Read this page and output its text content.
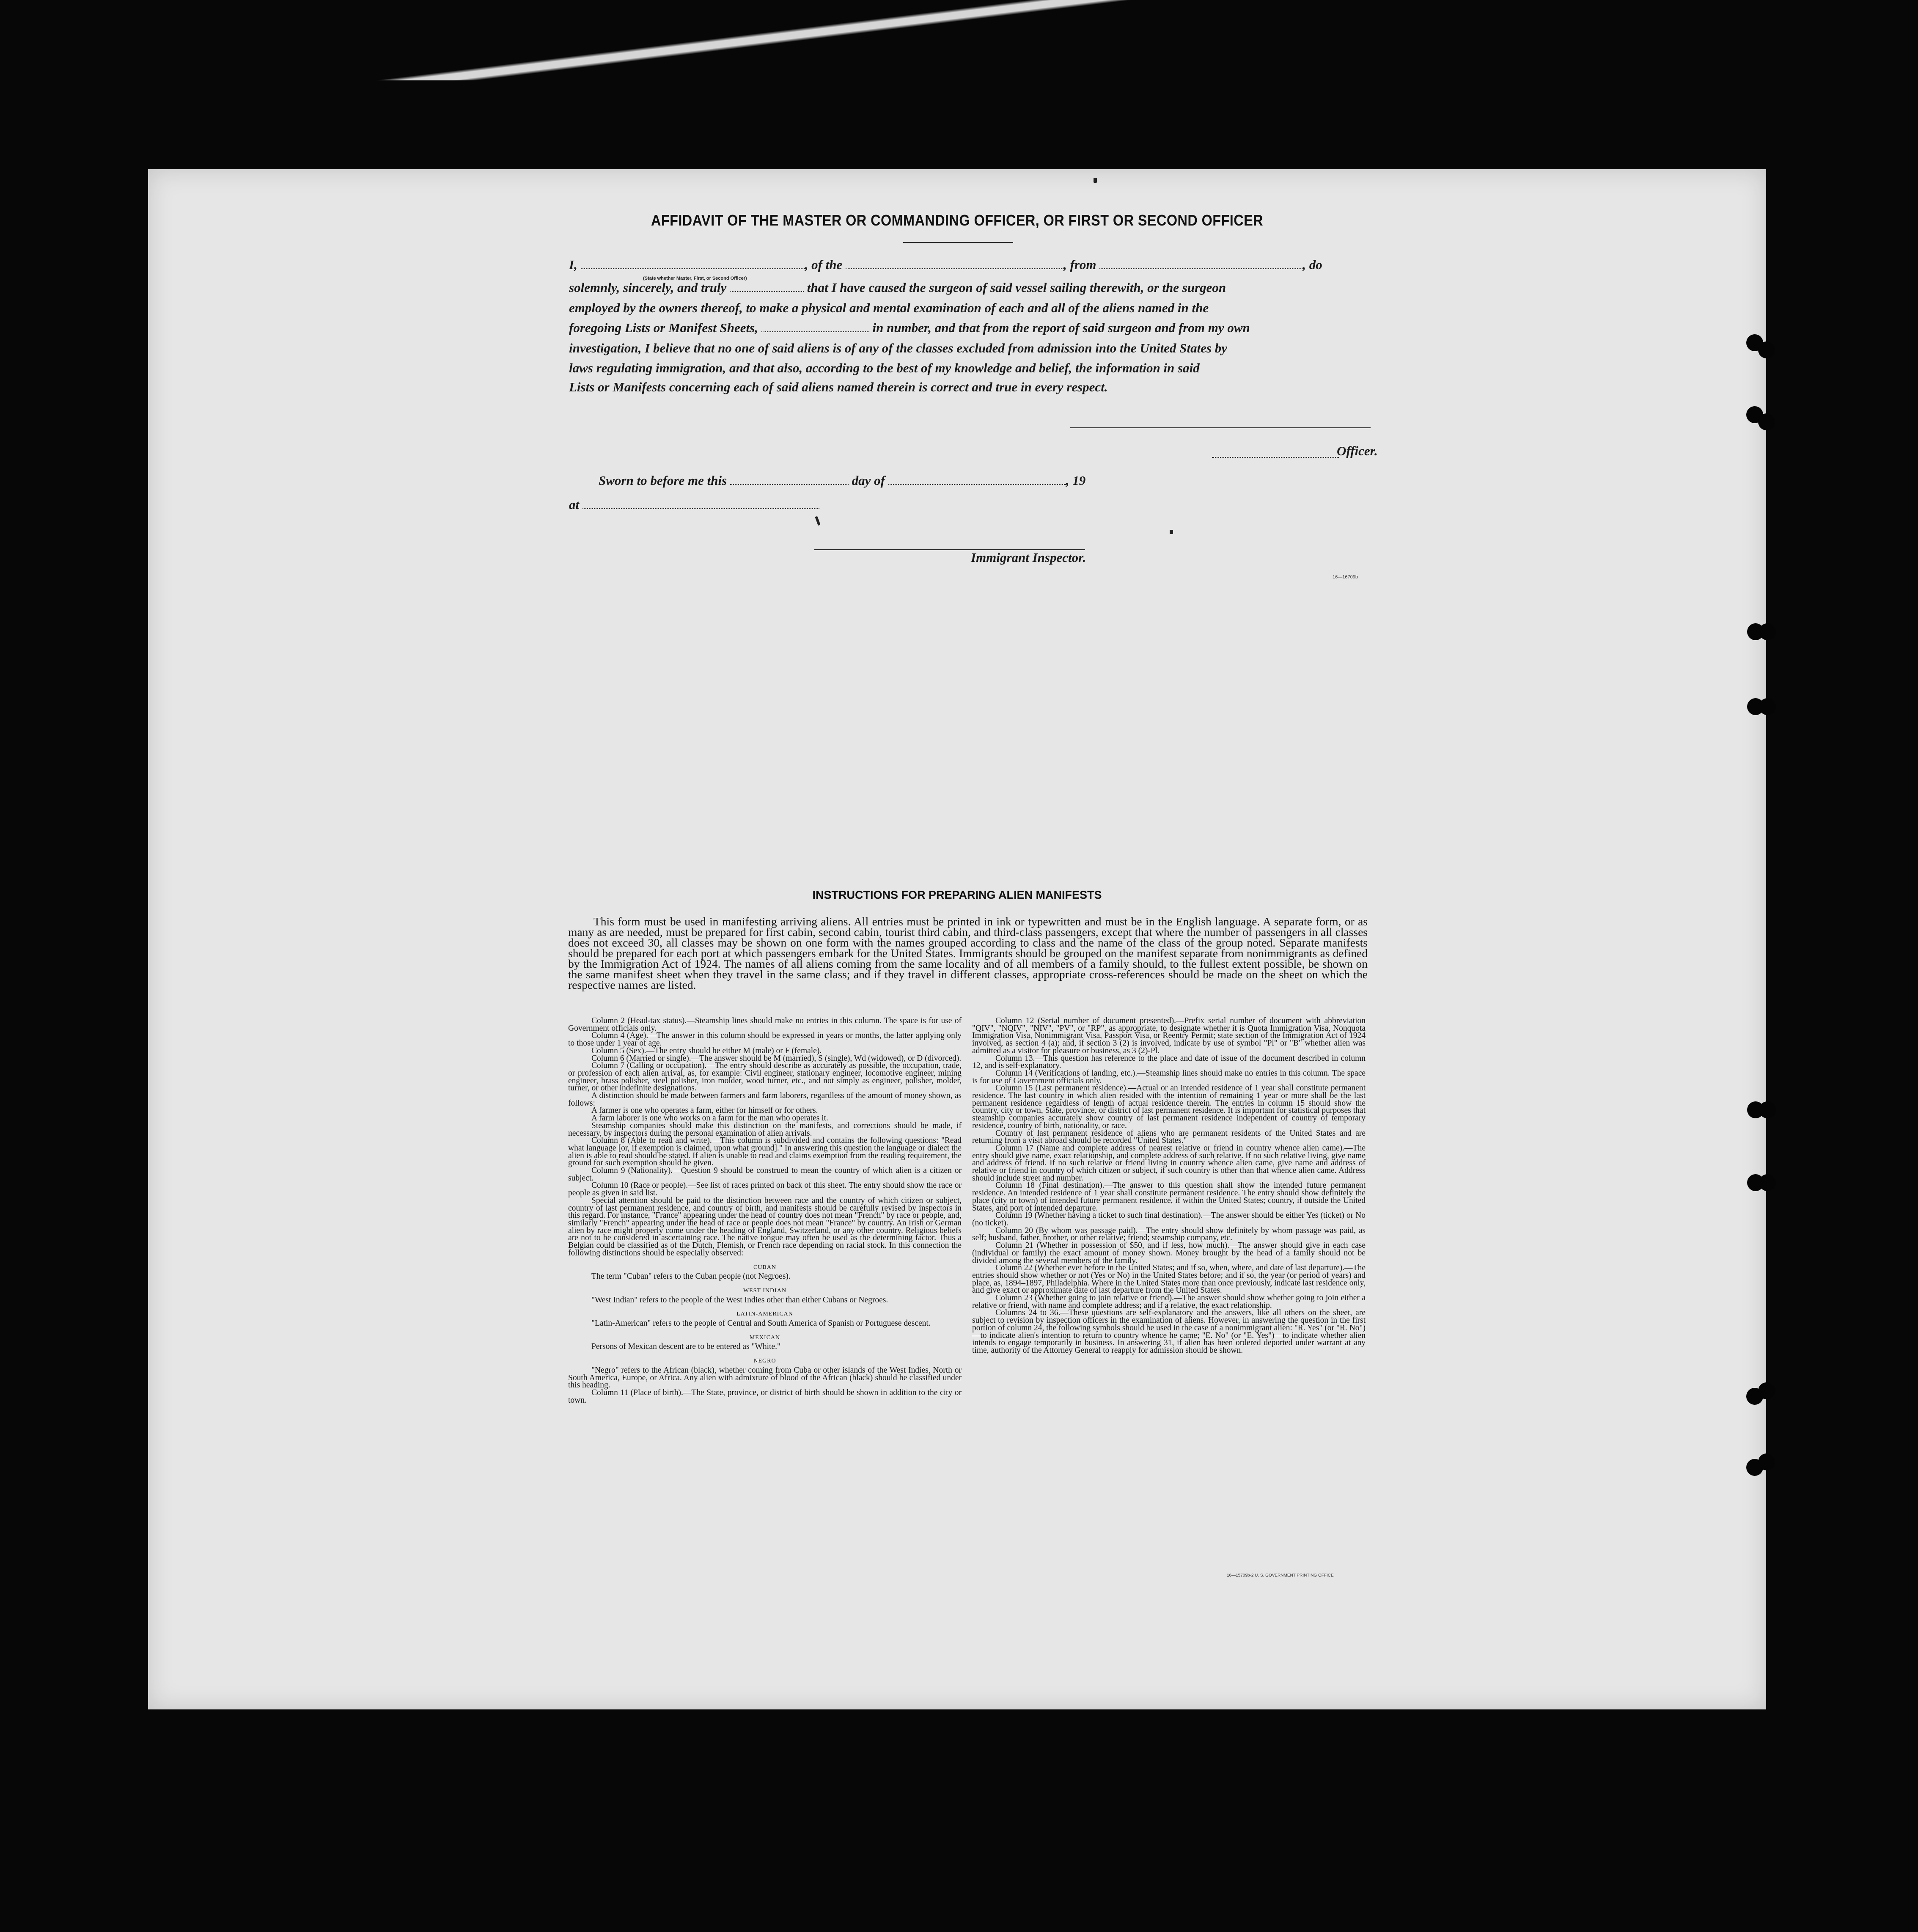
AFFIDAVIT OF THE MASTER OR COMMANDING OFFICER, OR FIRST OR SECOND OFFICER
I,	, of the	, from	, do
(State whether Master, First, or Second Officer)
solemnly, sincerely, and truly	that I have caused the surgeon of said vessel sailing therewith, or the surgeon
employed by the owners thereof, to make a physical and mental examination of each and all of the aliens named in the
foregoing Lists or Manifest Sheets,	in number, and that from the report of said surgeon and from my own
investigation, I believe that no one of said aliens is of any of the classes excluded from admission into the United States by
laws regulating immigration, and that also, according to the best of my knowledge and belief, the information in said
Lists or Manifests concerning each of said aliens named therein is correct and true in every respect.
Officer.
Sworn to before me this	day of	, 19
at
Immigrant Inspector.
16—16709b
INSTRUCTIONS FOR PREPARING ALIEN MANIFESTS
This form must be used in manifesting arriving aliens. All entries must be printed in ink or typewritten and must be in the English language. A separate form, or as many as are needed, must be prepared for first cabin, second cabin, tourist third cabin, and third-class passengers, except that where the number of passengers in all classes does not exceed 30, all classes may be shown on one form with the names grouped according to class and the name of the class of the group noted. Separate manifests should be prepared for each port at which passengers embark for the United States. Immigrants should be grouped on the manifest separate from nonimmigrants as defined by the Immigration Act of 1924. The names of all aliens coming from the same locality and of all members of a family should, to the fullest extent possible, be shown on the same manifest sheet when they travel in the same class; and if they travel in different classes, appropriate cross-references should be made on the sheet on which the respective names are listed.

Column 2 (Head-tax status).—Steamship lines should make no entries in this column. The space is for use of Government officials only.

Column 4 (Age).—The answer in this column should be expressed in years or months, the latter applying only to those under 1 year of age.

Column 5 (Sex).—The entry should be either M (male) or F (female).

Column 6 (Married or single).—The answer should be M (married), S (single), Wd (widowed), or D (divorced).

Column 7 (Calling or occupation).—The entry should describe as accurately as possible, the occupation, trade, or profession of each alien arrival, as, for example: Civil engineer, stationary engineer, locomotive engineer, mining engineer, brass polisher, steel polisher, iron molder, wood turner, etc., and not simply as engineer, polisher, molder, turner, or other indefinite designations.

A distinction should be made between farmers and farm laborers, regardless of the amount of money shown, as follows:

A farmer is one who operates a farm, either for himself or for others.

A farm laborer is one who works on a farm for the man who operates it.

Steamship companies should make this distinction on the manifests, and corrections should be made, if necessary, by inspectors during the personal examination of alien arrivals.

Column 8 (Able to read and write).—This column is subdivided and contains the following questions: "Read what language [or, if exemption is claimed, upon what ground]." In answering this question the language or dialect the alien is able to read should be stated. If alien is unable to read and claims exemption from the reading requirement, the ground for such exemption should be given.

Column 9 (Nationality).—Question 9 should be construed to mean the country of which alien is a citizen or subject.

Column 10 (Race or people).—See list of races printed on back of this sheet. The entry should show the race or people as given in said list.

Special attention should be paid to the distinction between race and the country of which citizen or subject, country of last permanent residence, and country of birth, and manifests should be carefully revised by inspectors in this regard. For instance, "France" appearing under the head of country does not mean "French" by race or people, and, similarly "French" appearing under the head of race or people does not mean "France" by country. An Irish or German alien by race might properly come under the heading of England, Switzerland, or any other country. Religious beliefs are not to be considered in ascertaining race. The native tongue may often be used as the determining factor. Thus a Belgian could be classified as of the Dutch, Flemish, or French race depending on racial stock. In this connection the following distinctions should be especially observed:

CUBAN

The term "Cuban" refers to the Cuban people (not Negroes).

WEST INDIAN

"West Indian" refers to the people of the West Indies other than either Cubans or Negroes.

LATIN-AMERICAN

"Latin-American" refers to the people of Central and South America of Spanish or Portuguese descent.

MEXICAN

Persons of Mexican descent are to be entered as "White."

NEGRO

"Negro" refers to the African (black), whether coming from Cuba or other islands of the West Indies, North or South America, Europe, or Africa. Any alien with admixture of blood of the African (black) should be classified under this heading.

Column 11 (Place of birth).—The State, province, or district of birth should be shown in addition to the city or town.

Column 12 (Serial number of document presented).—Prefix serial number of document with abbreviation "QIV", "NQIV", "NIV", "PV", or "RP", as appropriate, to designate whether it is Quota Immigration Visa, Nonquota Immigration Visa, Nonimmigrant Visa, Passport Visa, or Reentry Permit; state section of the Immigration Act of 1924 involved, as section 4 (a); and, if section 3 (2) is involved, indicate by use of symbol "Pl" or "B" whether alien was admitted as a visitor for pleasure or business, as 3 (2)-Pl.

Column 13.—This question has reference to the place and date of issue of the document described in column 12, and is self-explanatory.

Column 14 (Verifications of landing, etc.).—Steamship lines should make no entries in this column. The space is for use of Government officials only.

Column 15 (Last permanent residence).—Actual or an intended residence of 1 year shall constitute permanent residence. The last country in which alien resided with the intention of remaining 1 year or more shall be the last permanent residence regardless of length of actual residence therein. The entries in column 15 should show the country, city or town, State, province, or district of last permanent residence. It is important for statistical purposes that steamship companies accurately show country of last permanent residence independent of country of temporary residence, country of birth, nationality, or race.

Country of last permanent residence of aliens who are permanent residents of the United States and are returning from a visit abroad should be recorded "United States."

Column 17 (Name and complete address of nearest relative or friend in country whence alien came).—The entry should give name, exact relationship, and complete address of such relative. If no such relative living, give name and address of friend. If no such relative or friend living in country whence alien came, give name and address of relative or friend in country of which citizen or subject, if such country is other than that whence alien came. Address should include street and number.

Column 18 (Final destination).—The answer to this question shall show the intended future permanent residence. An intended residence of 1 year shall constitute permanent residence. The entry should show definitely the place (city or town) of intended future permanent residence, if within the United States; country, if outside the United States, and port of intended departure.

Column 19 (Whether having a ticket to such final destination).—The answer should be either Yes (ticket) or No (no ticket).

Column 20 (By whom was passage paid).—The entry should show definitely by whom passage was paid, as self; husband, father, brother, or other relative; friend; steamship company, etc.

Column 21 (Whether in possession of $50, and if less, how much).—The answer should give in each case (individual or family) the exact amount of money shown. Money brought by the head of a family should not be divided among the several members of the family.

Column 22 (Whether ever before in the United States; and if so, when, where, and date of last departure).—The entries should show whether or not (Yes or No) in the United States before; and if so, the year (or period of years) and place, as, 1894–1897, Philadelphia. Where in the United States more than once previously, indicate last residence only, and give exact or approximate date of last departure from the United States.

Column 23 (Whether going to join relative or friend).—The answer should show whether going to join either a relative or friend, with name and complete address; and if a relative, the exact relationship.

Columns 24 to 36.—These questions are self-explanatory and the answers, like all others on the sheet, are subject to revision by inspection officers in the examination of aliens. However, in answering the question in the first portion of column 24, the following symbols should be used in the case of a nonimmigrant alien: "R. Yes" (or "R. No")—to indicate alien's intention to return to country whence he came; "E. No" (or "E. Yes")—to indicate whether alien intends to engage temporarily in business. In answering 31, if alien has been ordered deported under warrant at any time, authority of the Attorney General to reapply for admission should be shown.

16—15709b-2 U. S. GOVERNMENT PRINTING OFFICE
